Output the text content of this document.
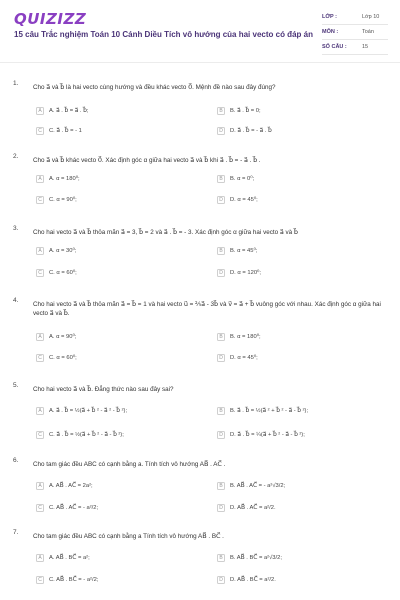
QUIZIZZ
15 câu Trắc nghiệm Toán 10 Cánh Diều Tích vô hướng của hai vecto có đáp án
LỚP :	Lớp 10
MÔN :	Toán
SỐ CÂU :	15
1.
Cho a⃗ và b⃗ là hai vecto cùng hướng và đều khác vecto 0⃗. Mệnh đề nào sau đây đúng?
A	A. a⃗ . b⃗ = a⃗ . b⃗;	B	B. a⃗ . b⃗ = 0;
C	C. a⃗ . b⃗ = - 1	D	D. a⃗ . b⃗ = - a⃗ . b⃗
2.
Cho a⃗ và b⃗ khác vecto 0⃗. Xác định góc α giữa hai vecto a⃗ và b⃗ khi a⃗ . b⃗ = - a⃗ . b⃗ .
A	A. α = 180⁰;	B	B. α = 0⁰;
C	C. α = 90⁰;	D	D. α = 45⁰;
3.
Cho hai vecto a⃗ và b⃗ thỏa mãn a⃗ = 3, b⃗ = 2 và a⃗ . b⃗ = - 3. Xác định góc α giữa hai vecto a⃗ và b⃗
A	A. α = 30⁰;	B	B. α = 45⁰;
C	C. α = 60⁰;	D	D. α = 120⁰;
4.
Cho hai vecto a⃗ và b⃗ thỏa mãn a⃗ = b⃗ = 1 và hai vecto u⃗ = ⅖a⃗ - 3b⃗ và v⃗ = a⃗ + b⃗ vuông góc với nhau. Xác định góc α giữa hai vecto a⃗ và b⃗.
A	A. α = 90⁰;	B	B. α = 180⁰;
C	C. α = 60⁰;	D	D. α = 45⁰;
5.
Cho hai vecto a⃗ và b⃗. Đẳng thức nào sau đây sai?
A	A. a⃗ . b⃗ = ½(a⃗ + b⃗ ² - a⃗ ² - b⃗ ²);	B	B. a⃗ . b⃗ = ½(a⃗ ² + b⃗ ² - a⃗ - b⃗ ²);
C	C. a⃗ . b⃗ = ½(a⃗ + b⃗ ² - a⃗ - b⃗ ²);	D	D. a⃗ . b⃗ = ¼(a⃗ + b⃗ ² - a⃗ - b⃗ ²);
6.
Cho tam giác đều ABC có cạnh bằng a. Tính tích vô hướng AB⃗ . AC⃗ .
A	A. AB⃗ . AC⃗ = 2a²;	B	B. AB⃗ . AC⃗ = - a²√3/2;
C	C. AB⃗ . AC⃗ = - a²/2;	D	D. AB⃗ . AC⃗ = a²/2.
7.
Cho tam giác đều ABC có cạnh bằng a Tính tích vô hướng AB⃗ . BC⃗ .
A	A. AB⃗ . BC⃗ = a²;	B	B. AB⃗ . BC⃗ = a²√3/2;
C	C. AB⃗ . BC⃗ = - a²/2;	D	D. AB⃗ . BC⃗ = a²/2.
